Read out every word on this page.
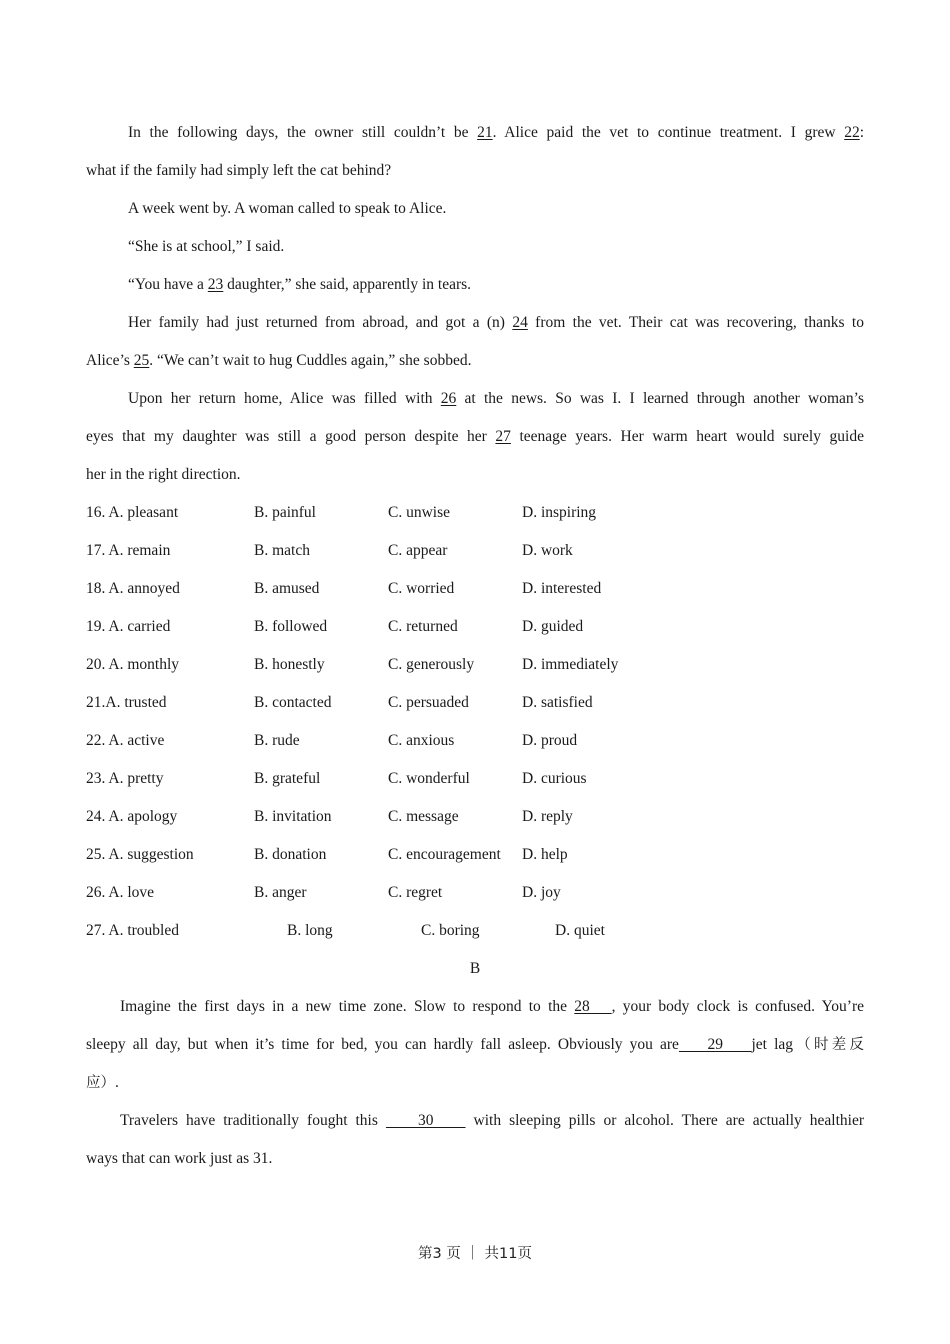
In the following days, the owner still couldn’t be 21. Alice paid the vet to continue treatment. I grew 22:
what if the family had simply left the cat behind?
A week went by. A woman called to speak to Alice.
“She is at school,” I said.
“You have a 23 daughter,” she said, apparently in tears.
Her family had just returned from abroad, and got a (n) 24 from the vet. Their cat was recovering, thanks to
Alice’s 25. “We can’t wait to hug Cuddles again,” she sobbed.
Upon her return home, Alice was filled with 26 at the news. So was I. I learned through another woman’s
eyes that my daughter was still a good person despite her 27 teenage years. Her warm heart would surely guide
her in the right direction.
16. A. pleasant	B. painful	C. unwise	D. inspiring
17. A. remain	B. match	C. appear	D. work
18. A. annoyed	B. amused	C. worried	D. interested
19. A. carried	B. followed	C. returned	D. guided
20. A. monthly	B. honestly	C. generously	D. immediately
21.A. trusted	B. contacted	C. persuaded	D. satisfied
22. A. active	B. rude	C. anxious	D. proud
23. A. pretty	B. grateful	C. wonderful	D. curious
24. A. apology	B. invitation	C. message	D. reply
25. A. suggestion	B. donation	C. encouragement D. help
26. A. love	B. anger	C. regret	D. joy
27. A. troubled	B. long	C. boring	D. quiet
B
Imagine the first days in a new time zone. Slow to respond to the 28   , your body clock is confused. You’re
sleepy all day, but when it’s time for bed, you can hardly fall asleep. Obviously you are    29    jet lag（时差反
应）.
Travelers have traditionally fought this     30     with sleeping pills or alcohol. There are actually healthier
ways that can work just as 31.
第3 页 ｜ 共11页
